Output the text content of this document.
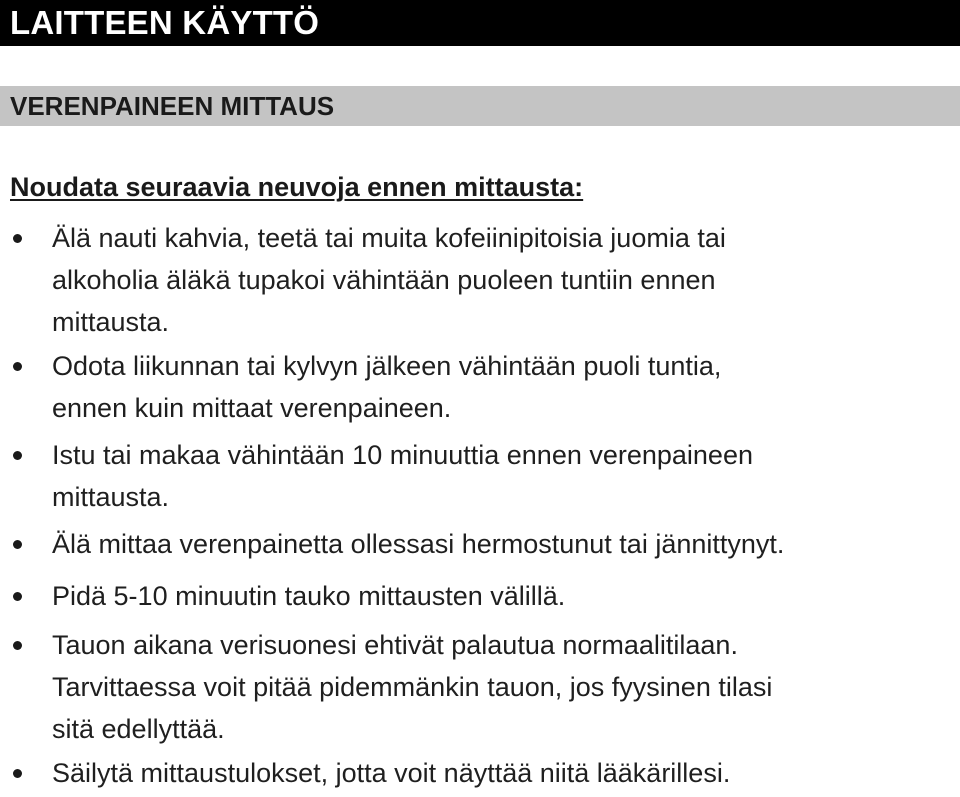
LAITTEEN KÄYTTÖ
VERENPAINEEN MITTAUS

Noudata seuraavia neuvoja ennen mittausta:

Älä nauti kahvia, teetä tai muita kofeiinipitoisia juomia tai
alkoholia äläkä tupakoi vähintään puoleen tuntiin ennen
mittausta.
Odota liikunnan tai kylvyn jälkeen vähintään puoli tuntia,
ennen kuin mittaat verenpaineen.
Istu tai makaa vähintään 10 minuuttia ennen verenpaineen
mittausta.
Älä mittaa verenpainetta ollessasi hermostunut tai jännittynyt.
Pidä 5-10 minuutin tauko mittausten välillä.
Tauon aikana verisuonesi ehtivät palautua normaalitilaan.
Tarvittaessa voit pitää pidemmänkin tauon, jos fyysinen tilasi
sitä edellyttää.
Säilytä mittaustulokset, jotta voit näyttää niitä lääkärillesi.
